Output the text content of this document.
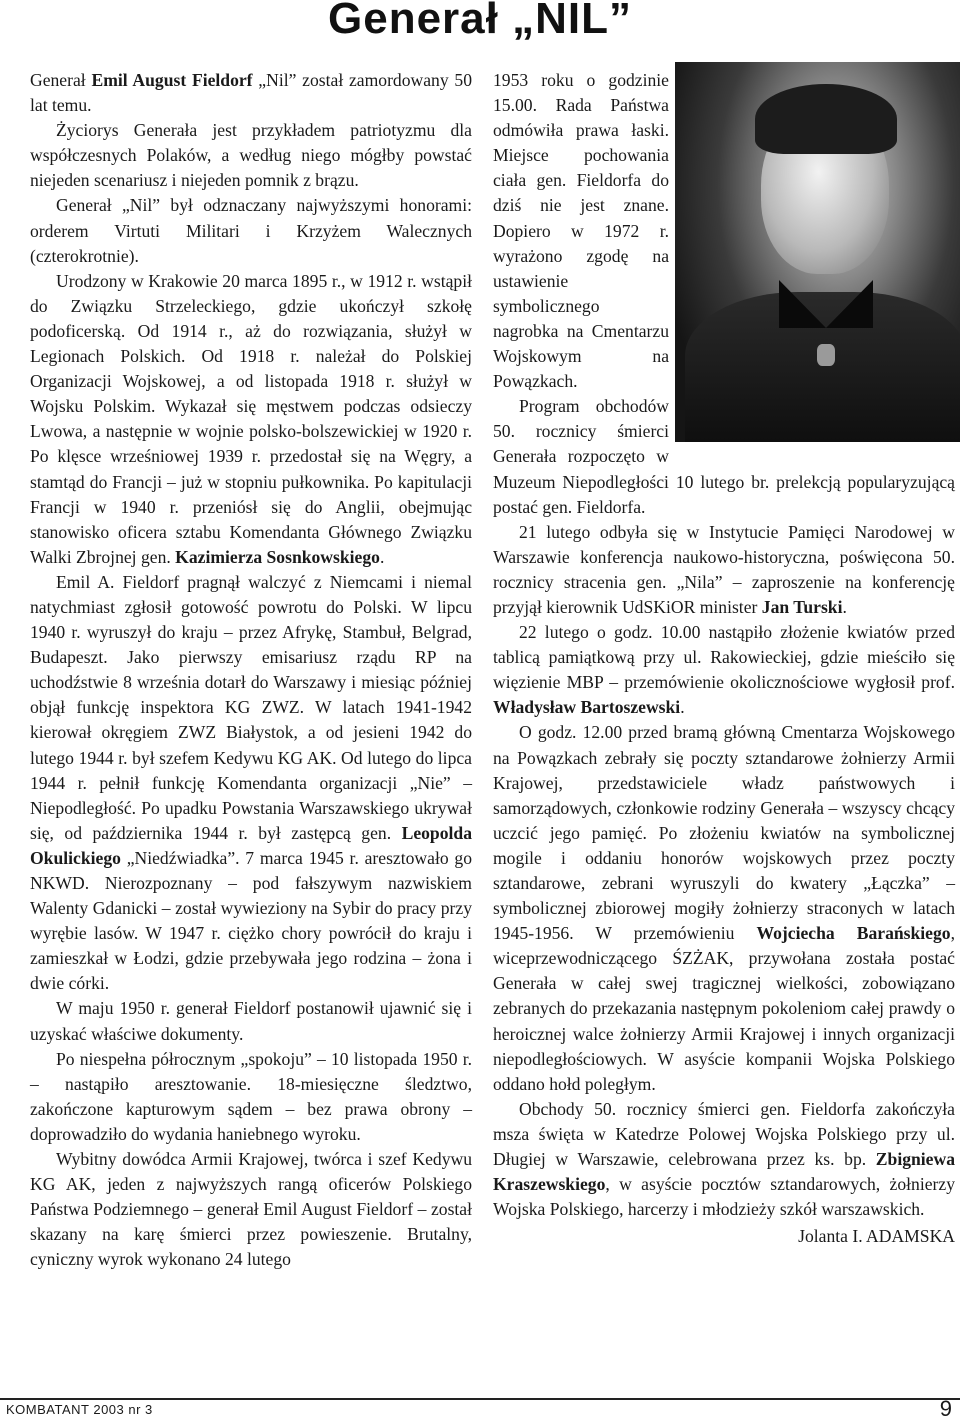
Generał „NIL”

Generał Emil August Fieldorf „Nil” został zamordowany 50 lat temu.

Życiorys Generała jest przykładem patriotyzmu dla współczesnych Polaków, a według niego mógłby powstać niejeden scenariusz i niejeden pomnik z brązu.

Generał „Nil” był odznaczany najwyższymi honorami: orderem Virtuti Militari i Krzyżem Walecznych (czterokrotnie).

Urodzony w Krakowie 20 marca 1895 r., w 1912 r. wstąpił do Związku Strzeleckiego, gdzie ukończył szkołę podoficerską. Od 1914 r., aż do rozwiązania, służył w Legionach Polskich. Od 1918 r. należał do Polskiej Organizacji Wojskowej, a od listopada 1918 r. służył w Wojsku Polskim. Wykazał się męstwem podczas odsieczy Lwowa, a następnie w wojnie polsko-bolszewickiej w 1920 r. Po klęsce wrześniowej 1939 r. przedostał się na Węgry, a stamtąd do Francji – już w stopniu pułkownika. Po kapitulacji Francji w 1940 r. przeniósł się do Anglii, obejmując stanowisko oficera sztabu Komendanta Głównego Związku Walki Zbrojnej gen. Kazimierza Sosnkowskiego.

Emil A. Fieldorf pragnął walczyć z Niemcami i niemal natychmiast zgłosił gotowość powrotu do Polski. W lipcu 1940 r. wyruszył do kraju – przez Afrykę, Stambuł, Belgrad, Budapeszt. Jako pierwszy emisariusz rządu RP na uchodźstwie 8 września dotarł do Warszawy i miesiąc później objął funkcję inspektora KG ZWZ. W latach 1941-1942 kierował okręgiem ZWZ Białystok, a od jesieni 1942 do lutego 1944 r. był szefem Kedywu KG AK. Od lutego do lipca 1944 r. pełnił funkcję Komendanta organizacji „Nie” – Niepodległość. Po upadku Powstania Warszawskiego ukrywał się, od października 1944 r. był zastępcą gen. Leopolda Okulickiego „Niedźwiadka”. 7 marca 1945 r. aresztowało go NKWD. Nierozpoznany – pod fałszywym nazwiskiem Walenty Gdanicki – został wywieziony na Sybir do pracy przy wyrębie lasów. W 1947 r. ciężko chory powrócił do kraju i zamieszkał w Łodzi, gdzie przebywała jego rodzina – żona i dwie córki.

W maju 1950 r. generał Fieldorf postanowił ujawnić się i uzyskać właściwe dokumenty.

Po niespełna półrocznym „spokoju” – 10 listopada 1950 r. – nastąpiło aresztowanie. 18-miesięczne śledztwo, zakończone kapturowym sądem – bez prawa obrony – doprowadziło do wydania haniebnego wyroku.

Wybitny dowódca Armii Krajowej, twórca i szef Kedywu KG AK, jeden z najwyższych rangą oficerów Polskiego Państwa Podziemnego – generał Emil August Fieldorf – został skazany na karę śmierci przez powieszenie. Brutalny, cyniczny wyrok wykonano 24 lutego

1953 roku o godzinie 15.00. Rada Państwa odmówiła prawa łaski. Miejsce pochowania ciała gen. Fieldorfa do dziś nie jest znane. Dopiero w 1972 r. wyrażono zgodę na ustawienie symbolicznego nagrobka na Cmentarzu Wojskowym na Powązkach.

Program obchodów 50. rocznicy śmierci Generała rozpoczęto w Muzeum Niepodległości 10 lutego br. prelekcją popularyzującą postać gen. Fieldorfa.

21 lutego odbyła się w Instytucie Pamięci Narodowej w Warszawie konferencja naukowo-historyczna, poświęcona 50. rocznicy stracenia gen. „Nila” – zaproszenie na konferencję przyjął kierownik UdSKiOR minister Jan Turski.

22 lutego o godz. 10.00 nastąpiło złożenie kwiatów przed tablicą pamiątkową przy ul. Rakowieckiej, gdzie mieściło się więzienie MBP – przemówienie okolicznościowe wygłosił prof. Władysław Bartoszewski.

O godz. 12.00 przed bramą główną Cmentarza Wojskowego na Powązkach zebrały się poczty sztandarowe żołnierzy Armii Krajowej, przedstawiciele władz państwowych i samorządowych, członkowie rodziny Generała – wszyscy chcący uczcić jego pamięć. Po złożeniu kwiatów na symbolicznej mogile i oddaniu honorów wojskowych przez poczty sztandarowe, zebrani wyruszyli do kwatery „Łączka” – symbolicznej zbiorowej mogiły żołnierzy straconych w latach 1945-1956. W przemówieniu Wojciecha Barańskiego, wiceprzewodniczącego ŚZŻAK, przywołana została postać Generała w całej swej tragicznej wielkości, zobowiązano zebranych do przekazania następnym pokoleniom całej prawdy o heroicznej walce żołnierzy Armii Krajowej i innych organizacji niepodległościowych. W asyście kompanii Wojska Polskiego oddano hołd poległym.

Obchody 50. rocznicy śmierci gen. Fieldorfa zakończyła msza święta w Katedrze Polowej Wojska Polskiego przy ul. Długiej w Warszawie, celebrowana przez ks. bp. Zbigniewa Kraszewskiego, w asyście pocztów sztandarowych, żołnierzy Wojska Polskiego, harcerzy i młodzieży szkół warszawskich.

Jolanta I. ADAMSKA

KOMBATANT 2003 nr 3	9
